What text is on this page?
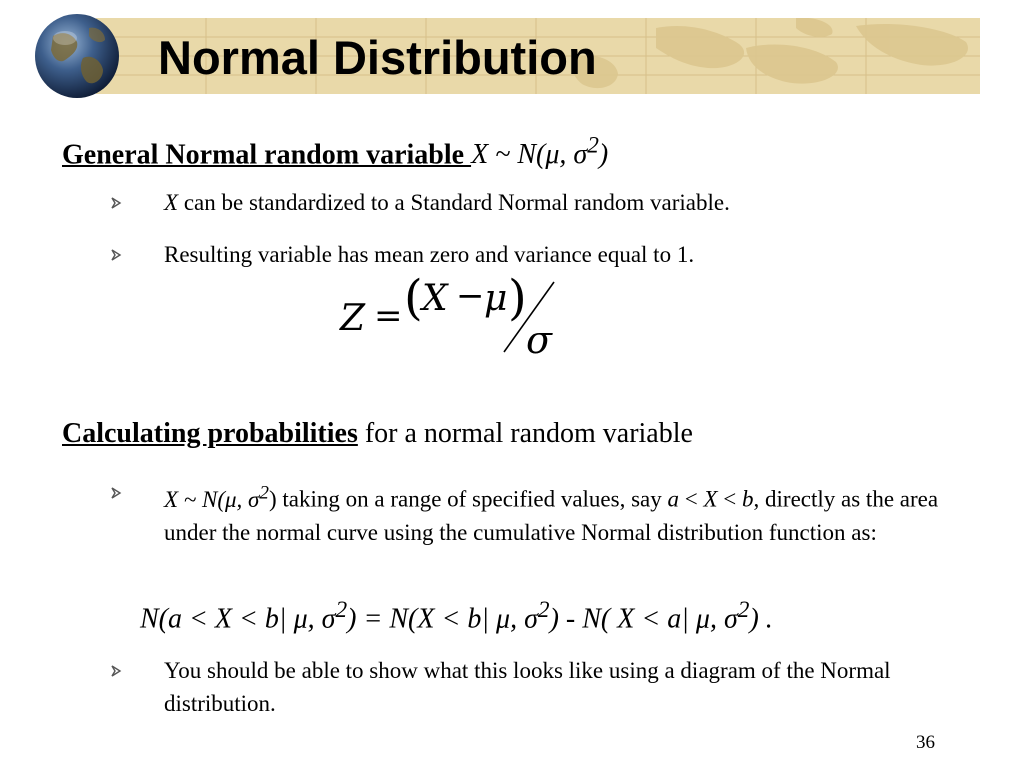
Normal Distribution

General Normal random variable X ~ N(μ, $\sigma^2$)

X can be standardized to a Standard Normal random variable.
Resulting variable has mean zero and variance equal to 1.
Z = ( X − μ )
σ

Calculating probabilities for a normal random variable

X ~ N(μ, $\sigma^2$) taking on a range of specified values, say a < X < b, directly as the area under the normal curve using the cumulative Normal distribution function as:

N(a < X < b| μ, $\sigma^2) = N(X < b|$ μ, $\sigma^2) - N$( X < a| μ, $\sigma^2$) .

You should be able to show what this looks like using a diagram of the Normal distribution.
36
